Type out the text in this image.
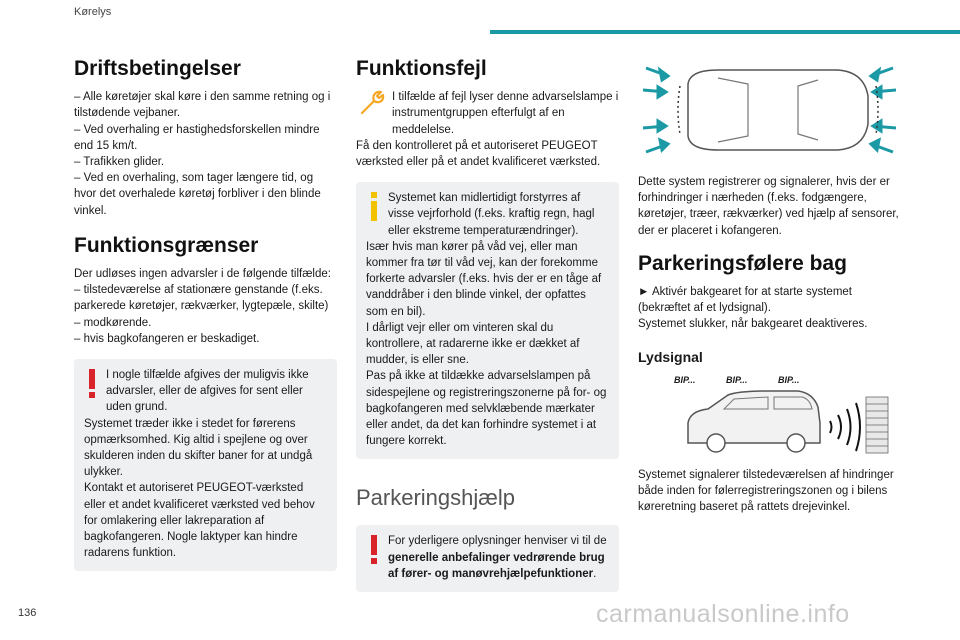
Kørelys
Driftsbetingelser

– Alle køretøjer skal køre i den samme retning og i tilstødende vejbaner.

– Ved overhaling er hastighedsforskellen mindre end 15 km/t.

– Trafikken glider.

– Ved en overhaling, som tager længere tid, og hvor det overhalede køretøj forbliver i den blinde vinkel.

Funktionsgrænser

Der udløses ingen advarsler i de følgende tilfælde:

– tilstedeværelse af stationære genstande (f.eks. parkerede køretøjer, rækværker, lygtepæle, skilte)

– modkørende.

– hvis bagkofangeren er beskadiget.

I nogle tilfælde afgives der muligvis ikke advarsler, eller de afgives for sent eller uden grund.

Systemet træder ikke i stedet for førerens opmærksomhed. Kig altid i spejlene og over skulderen inden du skifter baner for at undgå ulykker.

Kontakt et autoriseret PEUGEOT-værksted eller et andet kvalificeret værksted ved behov for omlakering eller lakreparation af bagkofangeren. Nogle laktyper kan hindre radarens funktion.

Funktionsfejl

I tilfælde af fejl lyser denne advarselslampe i instrumentgruppen efterfulgt af en meddelelse.

Få den kontrolleret på et autoriseret PEUGEOT værksted eller på et andet kvalificeret værksted.

Systemet kan midlertidigt forstyrres af visse vejrforhold (f.eks. kraftig regn, hagl eller ekstreme temperaturændringer).

Især hvis man kører på våd vej, eller man kommer fra tør til våd vej, kan der forekomme forkerte advarsler (f.eks. hvis der er en tåge af vanddråber i den blinde vinkel, der opfattes som en bil).

I dårligt vejr eller om vinteren skal du kontrollere, at radarerne ikke er dækket af mudder, is eller sne.

Pas på ikke at tildække advarselslampen på sidespejlene og registreringszonerne på for- og bagkofangeren med selvklæbende mærkater eller andet, da det kan forhindre systemet i at fungere korrekt.

Parkeringshjælp

For yderligere oplysninger henviser vi til de generelle anbefalinger vedrørende brug af fører- og manøvrehjælpefunktioner.

Dette system registrerer og signalerer, hvis der er forhindringer i nærheden (f.eks. fodgængere, køretøjer, træer, rækværker) ved hjælp af sensorer, der er placeret i kofangeren.

Parkeringsfølere bag

► Aktivér bakgearet for at starte systemet (bekræftet af et lydsignal).

Systemet slukker, når bakgearet deaktiveres.

Lydsignal
BIP...	BIP...	BIP...

Systemet signalerer tilstedeværelsen af hindringer både inden for følerregistreringszonen og i bilens køreretning baseret på rattets drejevinkel.

136	carmanualsonline.info
